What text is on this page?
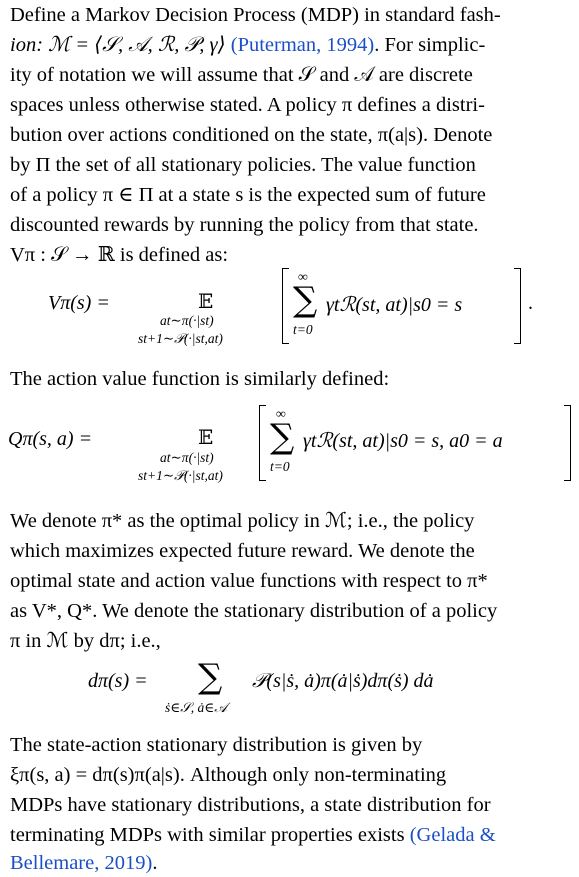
Define a Markov Decision Process (MDP) in standard fash-
ion: ℳ = ⟨𝒮, 𝒜, ℛ, 𝒫, γ⟩ (Puterman, 1994). For simplic-
ity of notation we will assume that 𝒮 and 𝒜 are discrete
spaces unless otherwise stated. A policy π defines a distri-
bution over actions conditioned on the state, π(a|s). Denote
by Π the set of all stationary policies. The value function
of a policy π ∈ Π at a state s is the expected sum of future
discounted rewards by running the policy from that state.
Vπ : 𝒮 → ℝ is defined as:
Vπ(s) =	𝔼
at∼π(·|st)
st+1∼𝒫(·|st,at)
∞
∑
t=0
γtℛ(st, at)|s0 = s	.
The action value function is similarly defined:
Qπ(s, a) =	𝔼
at∼π(·|st)
st+1∼𝒫(·|st,at)
∞
∑
t=0
γtℛ(st, at)|s0 = s, a0 = a
We denote π* as the optimal policy in ℳ; i.e., the policy
which maximizes expected future reward. We denote the
optimal state and action value functions with respect to π*
as V*, Q*. We denote the stationary distribution of a policy
π in ℳ by dπ; i.e.,
dπ(s) = ∑
ṡ∈𝒮, ȧ∈𝒜
𝒫(s|ṡ, ȧ)π(ȧ|ṡ)dπ(ṡ) dȧ
The state-action stationary distribution is given by
ξπ(s, a) = dπ(s)π(a|s). Although only non-terminating
MDPs have stationary distributions, a state distribution for
terminating MDPs with similar properties exists (Gelada &
Bellemare, 2019).
